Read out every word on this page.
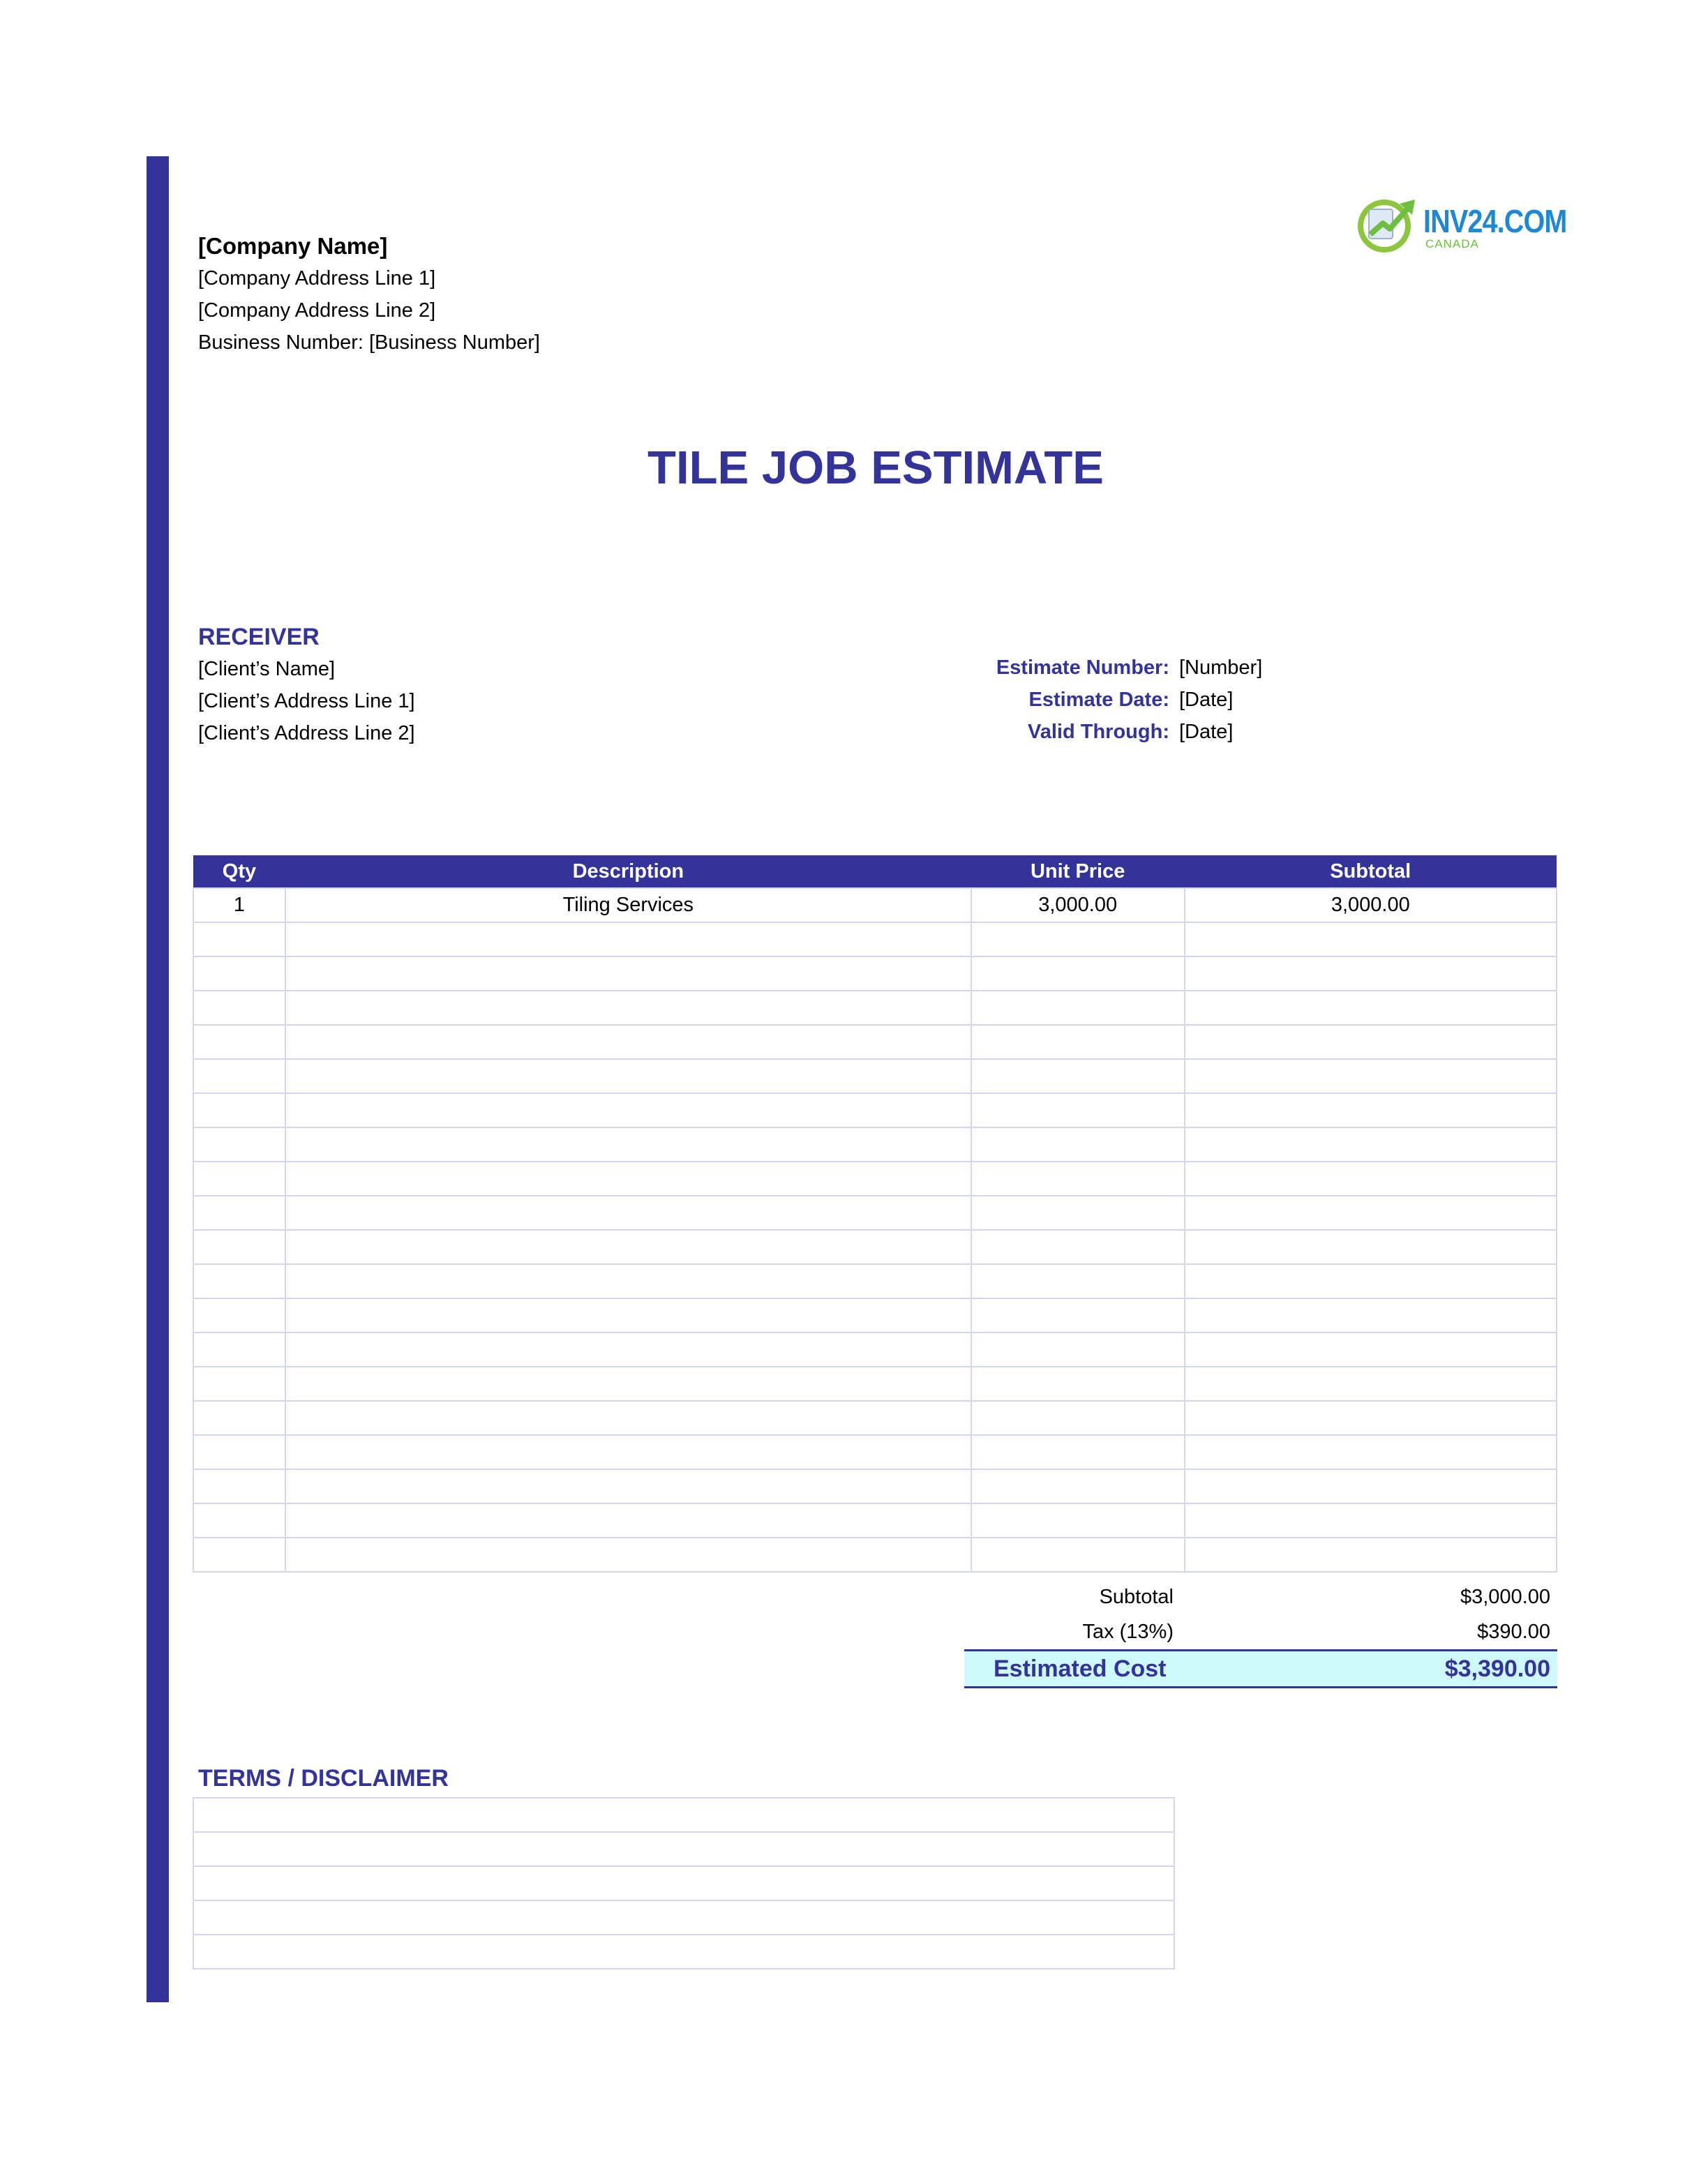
[Company Name]
[Company Address Line 1]
[Company Address Line 2]
Business Number: [Business Number]
INV24.COM
CANADA
TILE JOB ESTIMATE
RECEIVER
[Client’s Name]
[Client’s Address Line 1]
[Client’s Address Line 2]
Estimate Number: [Number]
Estimate Date: [Date]
Valid Through: [Date]
Qty	Description	Unit Price	Subtotal
1	Tiling Services	3,000.00	3,000.00

Subtotal	$3,000.00
Tax (13%)	$390.00
Estimated Cost	$3,390.00
TERMS / DISCLAIMER
